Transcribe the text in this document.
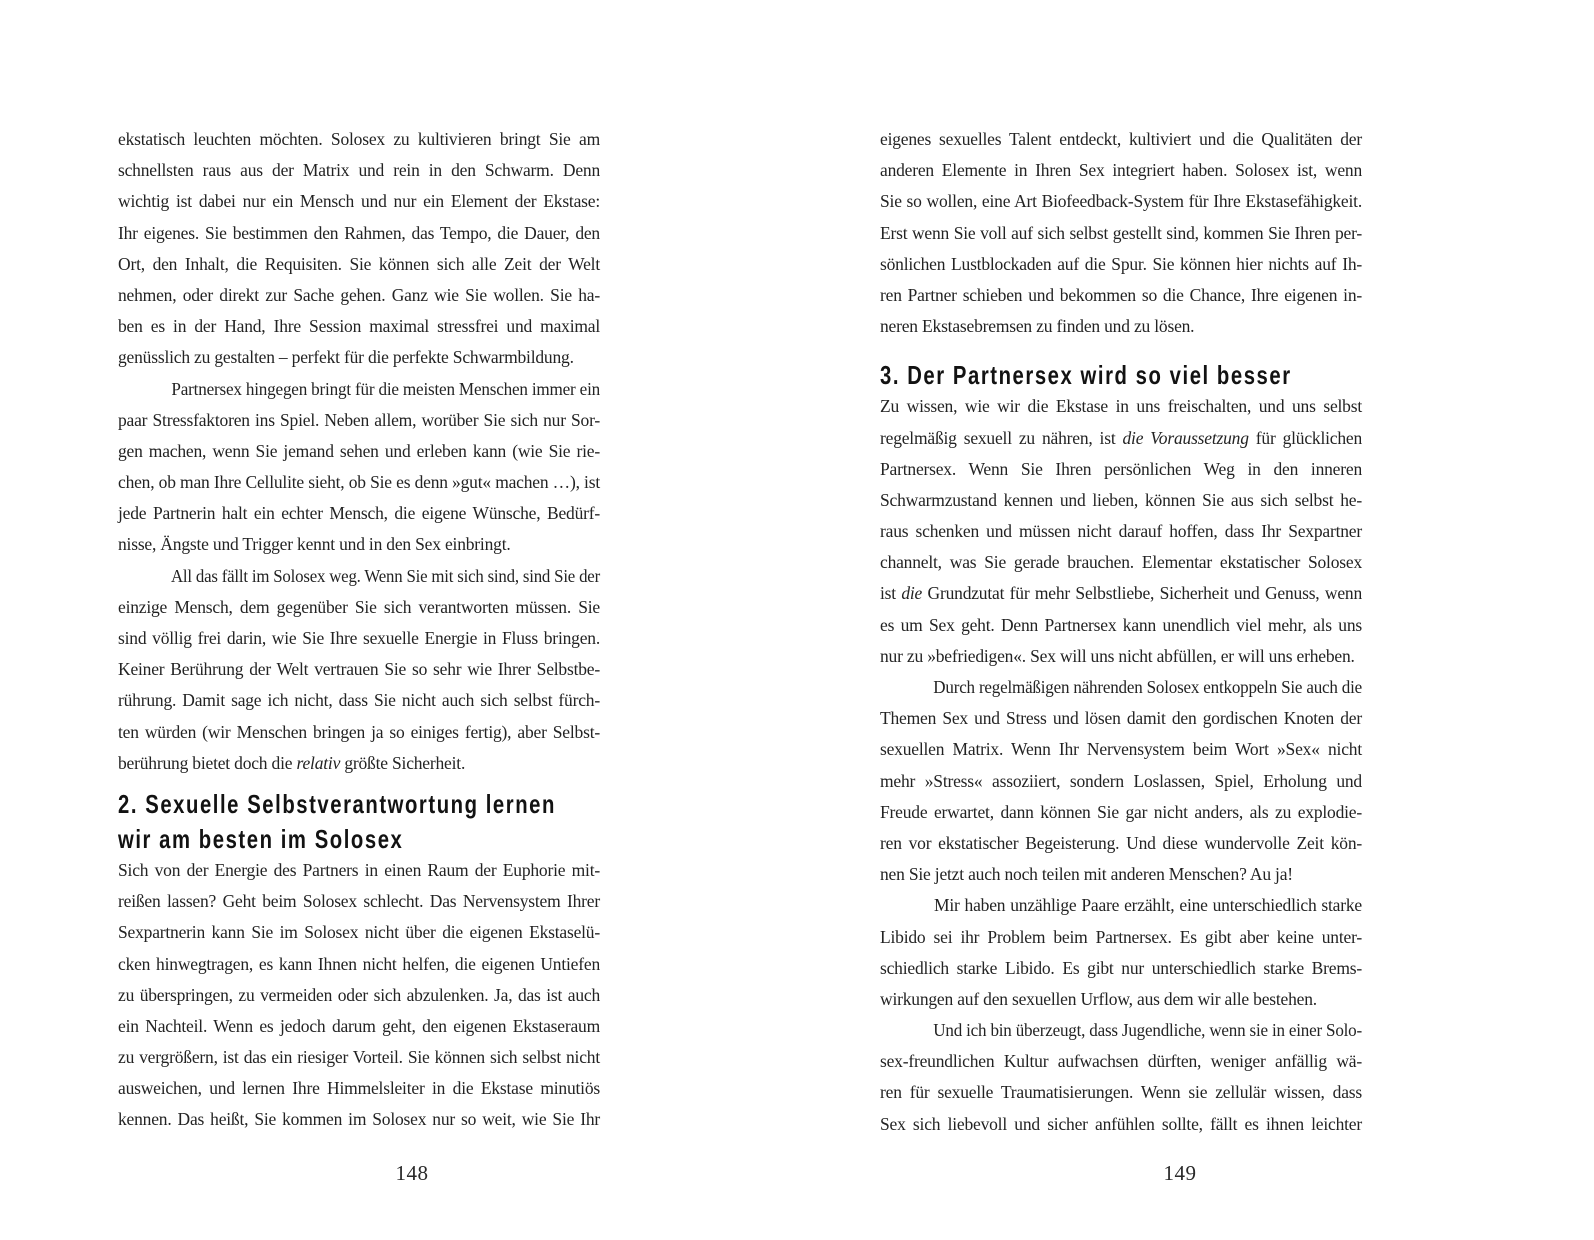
ekstatisch leuchten möchten. Solosex zu kultivieren bringt Sie am
schnellsten raus aus der Matrix und rein in den Schwarm. Denn
wichtig ist dabei nur ein Mensch und nur ein Element der Ekstase:
Ihr eigenes. Sie bestimmen den Rahmen, das Tempo, die Dauer, den
Ort, den Inhalt, die Requisiten. Sie können sich alle Zeit der Welt
nehmen, oder direkt zur Sache gehen. Ganz wie Sie wollen. Sie ha-
ben es in der Hand, Ihre Session maximal stressfrei und maximal
genüsslich zu gestalten – perfekt für die perfekte Schwarmbildung.
Partnersex hingegen bringt für die meisten Menschen immer ein
paar Stressfaktoren ins Spiel. Neben allem, worüber Sie sich nur Sor-
gen machen, wenn Sie jemand sehen und erleben kann (wie Sie rie-
chen, ob man Ihre Cellulite sieht, ob Sie es denn »gut« machen …), ist
jede Partnerin halt ein echter Mensch, die eigene Wünsche, Bedürf-
nisse, Ängste und Trigger kennt und in den Sex einbringt.
All das fällt im Solosex weg. Wenn Sie mit sich sind, sind Sie der
einzige Mensch, dem gegenüber Sie sich verantworten müssen. Sie
sind völlig frei darin, wie Sie Ihre sexuelle Energie in Fluss bringen.
Keiner Berührung der Welt vertrauen Sie so sehr wie Ihrer Selbstbe-
rührung. Damit sage ich nicht, dass Sie nicht auch sich selbst fürch-
ten würden (wir Menschen bringen ja so einiges fertig), aber Selbst-
berührung bietet doch die relativ größte Sicherheit.
2. Sexuelle Selbstverantwortung lernen
wir am besten im Solosex
Sich von der Energie des Partners in einen Raum der Euphorie mit-
reißen lassen? Geht beim Solosex schlecht. Das Nervensystem Ihrer
Sexpartnerin kann Sie im Solosex nicht über die eigenen Ekstaselü-
cken hinwegtragen, es kann Ihnen nicht helfen, die eigenen Untiefen
zu überspringen, zu vermeiden oder sich abzulenken. Ja, das ist auch
ein Nachteil. Wenn es jedoch darum geht, den eigenen Ekstaseraum
zu vergrößern, ist das ein riesiger Vorteil. Sie können sich selbst nicht
ausweichen, und lernen Ihre Himmelsleiter in die Ekstase minutiös
kennen. Das heißt, Sie kommen im Solosex nur so weit, wie Sie Ihr
148
eigenes sexuelles Talent entdeckt, kultiviert und die Qualitäten der
anderen Elemente in Ihren Sex integriert haben. Solosex ist, wenn
Sie so wollen, eine Art Biofeedback-System für Ihre Ekstasefähigkeit.
Erst wenn Sie voll auf sich selbst gestellt sind, kommen Sie Ihren per-
sönlichen Lustblockaden auf die Spur. Sie können hier nichts auf Ih-
ren Partner schieben und bekommen so die Chance, Ihre eigenen in-
neren Ekstasebremsen zu finden und zu lösen.
3. Der Partnersex wird so viel besser
Zu wissen, wie wir die Ekstase in uns freischalten, und uns selbst
regelmäßig sexuell zu nähren, ist die Voraussetzung für glücklichen
Partnersex. Wenn Sie Ihren persönlichen Weg in den inneren
Schwarmzustand kennen und lieben, können Sie aus sich selbst he-
raus schenken und müssen nicht darauf hoffen, dass Ihr Sexpartner
channelt, was Sie gerade brauchen. Elementar ekstatischer Solosex
ist die Grundzutat für mehr Selbstliebe, Sicherheit und Genuss, wenn
es um Sex geht. Denn Partnersex kann unendlich viel mehr, als uns
nur zu »befriedigen«. Sex will uns nicht abfüllen, er will uns erheben.
Durch regelmäßigen nährenden Solosex entkoppeln Sie auch die
Themen Sex und Stress und lösen damit den gordischen Knoten der
sexuellen Matrix. Wenn Ihr Nervensystem beim Wort »Sex« nicht
mehr »Stress« assoziiert, sondern Loslassen, Spiel, Erholung und
Freude erwartet, dann können Sie gar nicht anders, als zu explodie-
ren vor ekstatischer Begeisterung. Und diese wundervolle Zeit kön-
nen Sie jetzt auch noch teilen mit anderen Menschen? Au ja!
Mir haben unzählige Paare erzählt, eine unterschiedlich starke
Libido sei ihr Problem beim Partnersex. Es gibt aber keine unter-
schiedlich starke Libido. Es gibt nur unterschiedlich starke Brems-
wirkungen auf den sexuellen Urflow, aus dem wir alle bestehen.
Und ich bin überzeugt, dass Jugendliche, wenn sie in einer Solo-
sex-freundlichen Kultur aufwachsen dürften, weniger anfällig wä-
ren für sexuelle Traumatisierungen. Wenn sie zellulär wissen, dass
Sex sich liebevoll und sicher anfühlen sollte, fällt es ihnen leichter
149
